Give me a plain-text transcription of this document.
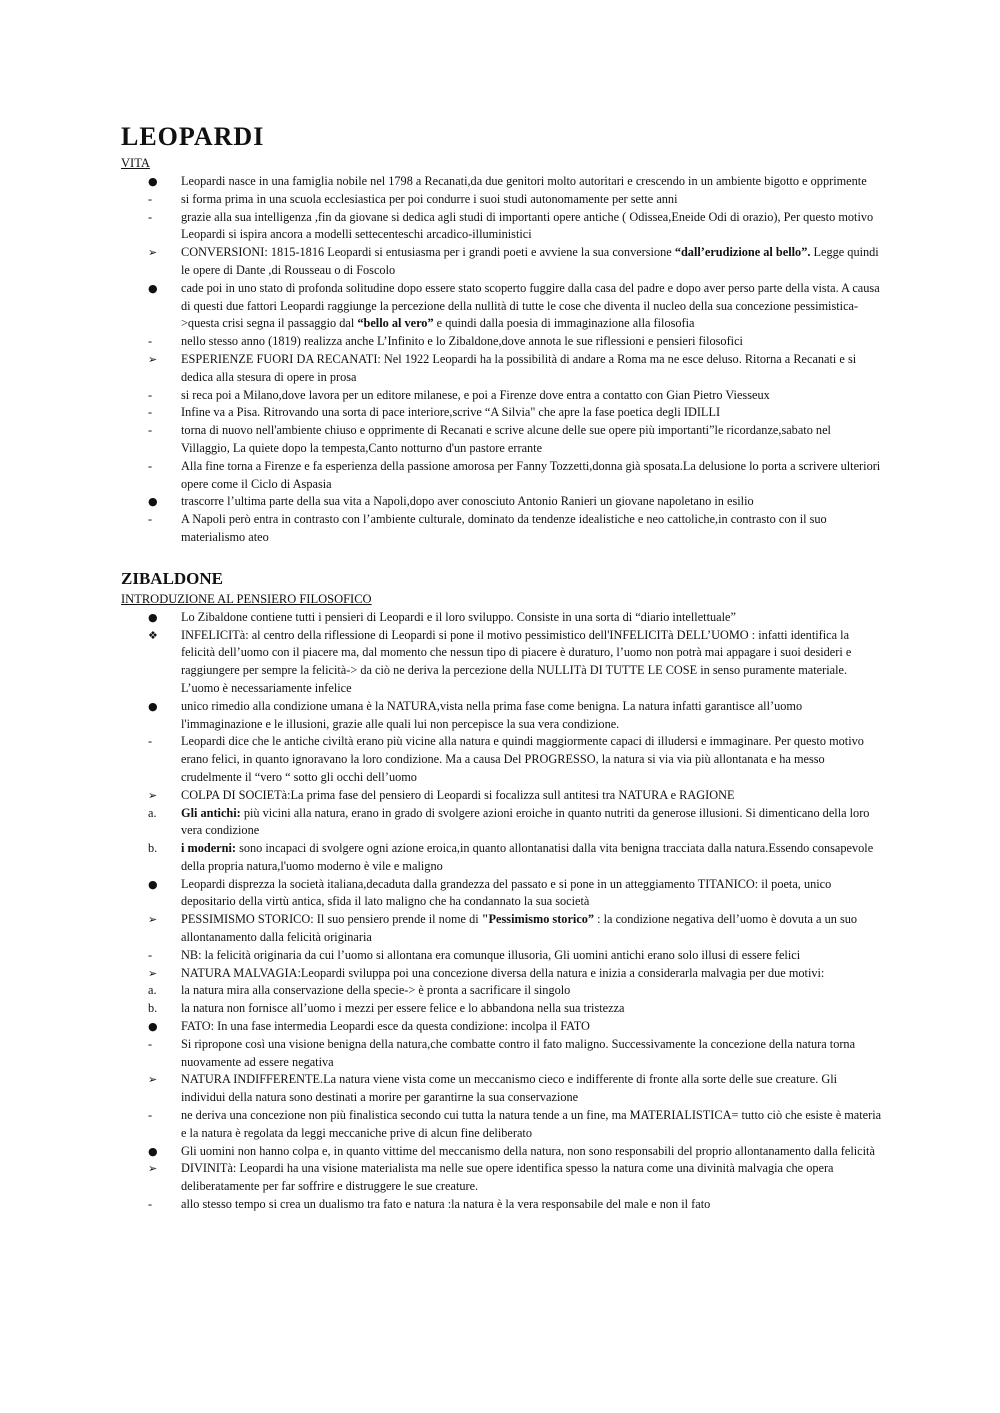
LEOPARDI
VITA
●	Leopardi nasce in una famiglia nobile nel 1798 a Recanati,da due genitori molto autoritari e crescendo in un ambiente bigotto e opprimente
-	si forma prima in una scuola ecclesiastica per poi condurre i suoi studi autonomamente per sette anni
-	grazie alla sua intelligenza ,fin da giovane si dedica agli studi di importanti opere antiche ( Odissea,Eneide Odi di orazio), Per questo motivo Leopardi si ispira ancora a modelli settecenteschi arcadico-illuministici
➢	CONVERSIONI: 1815-1816 Leopardi si entusiasma per i grandi poeti e avviene la sua conversione “dall’erudizione al bello”. Legge quindi le opere di Dante ,di Rousseau o di Foscolo
●	cade poi in uno stato di profonda solitudine dopo essere stato scoperto fuggire dalla casa del padre e dopo aver perso parte della vista. A causa di questi due fattori Leopardi raggiunge la percezione della nullità di tutte le cose che diventa il nucleo della sua concezione pessimistica->questa crisi segna il passaggio dal “bello al vero” e quindi dalla poesia di immaginazione alla filosofia
-	nello stesso anno (1819) realizza anche L’Infinito e lo Zibaldone,dove annota le sue riflessioni e pensieri filosofici
➢	ESPERIENZE FUORI DA RECANATI: Nel 1922 Leopardi ha la possibilità di andare a Roma ma ne esce deluso. Ritorna a Recanati e si dedica alla stesura di opere in prosa
-	si reca poi a Milano,dove lavora per un editore milanese, e poi a Firenze dove entra a contatto con Gian Pietro Viesseux
-	Infine va a Pisa. Ritrovando una sorta di pace interiore,scrive “A Silvia" che apre la fase poetica degli IDILLI
-	torna di nuovo nell'ambiente chiuso e opprimente di Recanati e scrive alcune delle sue opere più importanti”le ricordanze,sabato nel Villaggio, La quiete dopo la tempesta,Canto notturno d'un pastore errante
-	Alla fine torna a Firenze e fa esperienza della passione amorosa per Fanny Tozzetti,donna già sposata.La delusione lo porta a scrivere ulteriori opere come il Ciclo di Aspasia
●	trascorre l’ultima parte della sua vita a Napoli,dopo aver conosciuto Antonio Ranieri un giovane napoletano in esilio
-	A Napoli però entra in contrasto con l’ambiente culturale, dominato da tendenze idealistiche e neo cattoliche,in contrasto con il suo materialismo ateo
ZIBALDONE
INTRODUZIONE AL PENSIERO FILOSOFICO
●	Lo Zibaldone contiene tutti i pensieri di Leopardi e il loro sviluppo. Consiste in una sorta di “diario intellettuale”
❖	INFELICITà: al centro della riflessione di Leopardi si pone il motivo pessimistico dell'INFELICITà DELL’UOMO : infatti identifica la felicità dell’uomo con il piacere ma, dal momento che nessun tipo di piacere è duraturo, l’uomo non potrà mai appagare i suoi desideri e raggiungere per sempre la felicità-> da ciò ne deriva la percezione della NULLITà DI TUTTE LE COSE in senso puramente materiale. L’uomo è necessariamente infelice
●	unico rimedio alla condizione umana è la NATURA,vista nella prima fase come benigna. La natura infatti garantisce all’uomo l'immaginazione e le illusioni, grazie alle quali lui non percepisce la sua vera condizione.
-	Leopardi dice che le antiche civiltà erano più vicine alla natura e quindi maggiormente capaci di illudersi e immaginare. Per questo motivo erano felici, in quanto ignoravano la loro condizione. Ma a causa Del PROGRESSO, la natura si via via più allontanata e ha messo crudelmente il “vero “ sotto gli occhi dell’uomo
➢	COLPA DI SOCIETà:La prima fase del pensiero di Leopardi si focalizza sull antitesi tra NATURA e RAGIONE
a.	Gli antichi: più vicini alla natura, erano in grado di svolgere azioni eroiche in quanto nutriti da generose illusioni. Si dimenticano della loro vera condizione
b.	i moderni: sono incapaci di svolgere ogni azione eroica,in quanto allontanatisi dalla vita benigna tracciata dalla natura.Essendo consapevole della propria natura,l'uomo moderno è vile e maligno
●	Leopardi disprezza la società italiana,decaduta dalla grandezza del passato e si pone in un atteggiamento TITANICO: il poeta, unico depositario della virtù antica, sfida il lato maligno che ha condannato la sua società
➢	PESSIMISMO STORICO: Il suo pensiero prende il nome di "Pessimismo storico” : la condizione negativa dell’uomo è dovuta a un suo allontanamento dalla felicità originaria
-	NB: la felicità originaria da cui l’uomo si allontana era comunque illusoria, Gli uomini antichi erano solo illusi di essere felici
➢	NATURA MALVAGIA:Leopardi sviluppa poi una concezione diversa della natura e inizia a considerarla malvagia per due motivi:
a.	la natura mira alla conservazione della specie-> è pronta a sacrificare il singolo
b.	la natura non fornisce all’uomo i mezzi per essere felice e lo abbandona nella sua tristezza
●	FATO: In una fase intermedia Leopardi esce da questa condizione: incolpa il FATO
-	Si ripropone così una visione benigna della natura,che combatte contro il fato maligno. Successivamente la concezione della natura torna nuovamente ad essere negativa
➢	NATURA INDIFFERENTE.La natura viene vista come un meccanismo cieco e indifferente di fronte alla sorte delle sue creature. Gli individui della natura sono destinati a morire per garantirne la sua conservazione
-	ne deriva una concezione non più finalistica secondo cui tutta la natura tende a un fine, ma MATERIALISTICA= tutto ciò che esiste è materia e la natura è regolata da leggi meccaniche prive di alcun fine deliberato
●	Gli uomini non hanno colpa e, in quanto vittime del meccanismo della natura, non sono responsabili del proprio allontanamento dalla felicità
➢	DIVINITà: Leopardi ha una visione materialista ma nelle sue opere identifica spesso la natura come una divinità malvagia che opera deliberatamente per far soffrire e distruggere le sue creature.
-	allo stesso tempo si crea un dualismo tra fato e natura :la natura è la vera responsabile del male e non il fato
